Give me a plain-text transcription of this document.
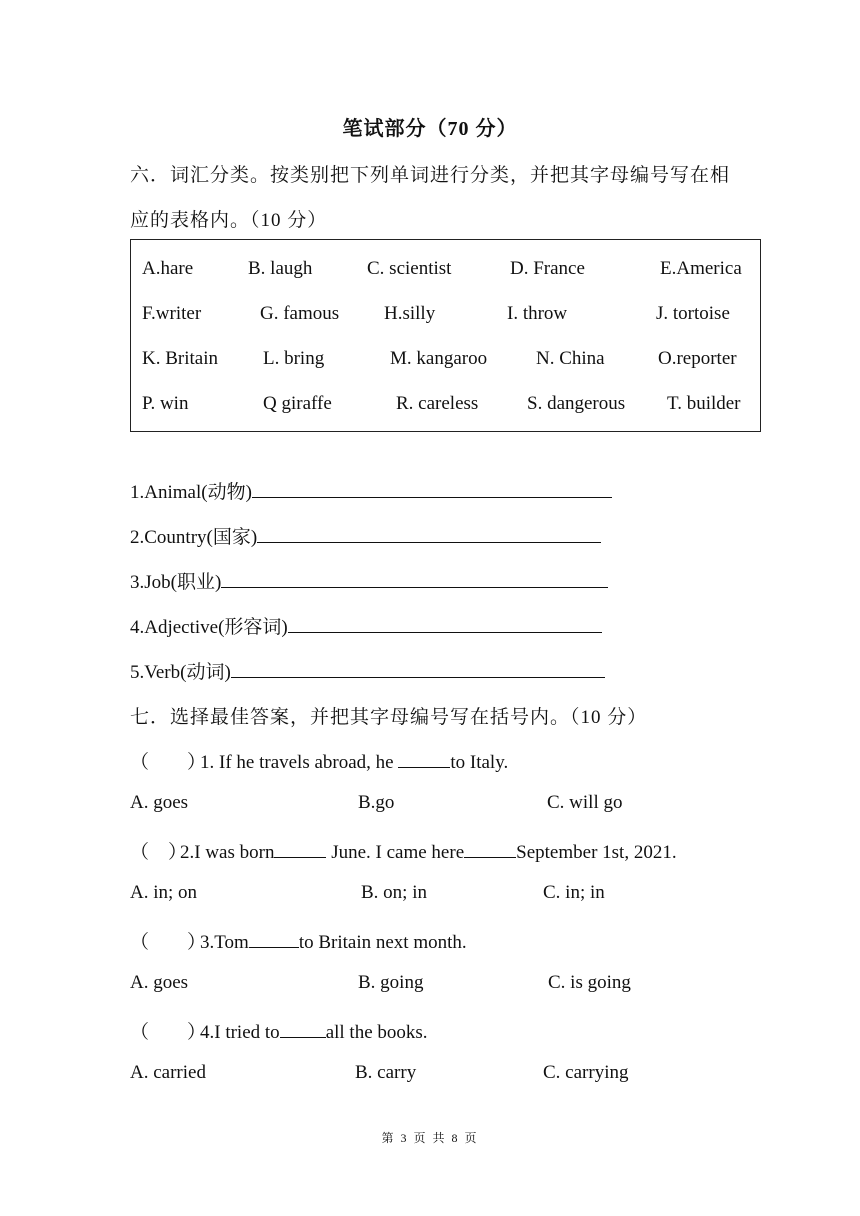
笔试部分（70 分）
六．词汇分类。按类别把下列单词进行分类，并把其字母编号写在相
应的表格内。（10 分）
A.hare	B. laugh	C. scientist	D. France	E.America
F.writer	G. famous H.silly	I. throw	J. tortoise
K. Britain L. bring	M. kangaroo	N. China	O.reporter
P. win	Q giraffe	R. careless	S. dangerous T. builder
1.Animal(动物)
2.Country(国家)
3.Job(职业)
4.Adjective(形容词)
5.Verb(动词)
七．选择最佳答案，并把其字母编号写在括号内。（10 分）
（　　）1. If he travels abroad, he	to Italy.
A. goes	B.go	C. will go
（　）2.I was born	June. I came here	September 1st, 2021.
A. in; on	B. on; in	C. in; in
（　　）3.Tom	to Britain next month.
A. goes	B. going	C. is going
（　　）4.I tried to all the books.
A. carried	B. carry	C. carrying
第 3 页 共 8 页
